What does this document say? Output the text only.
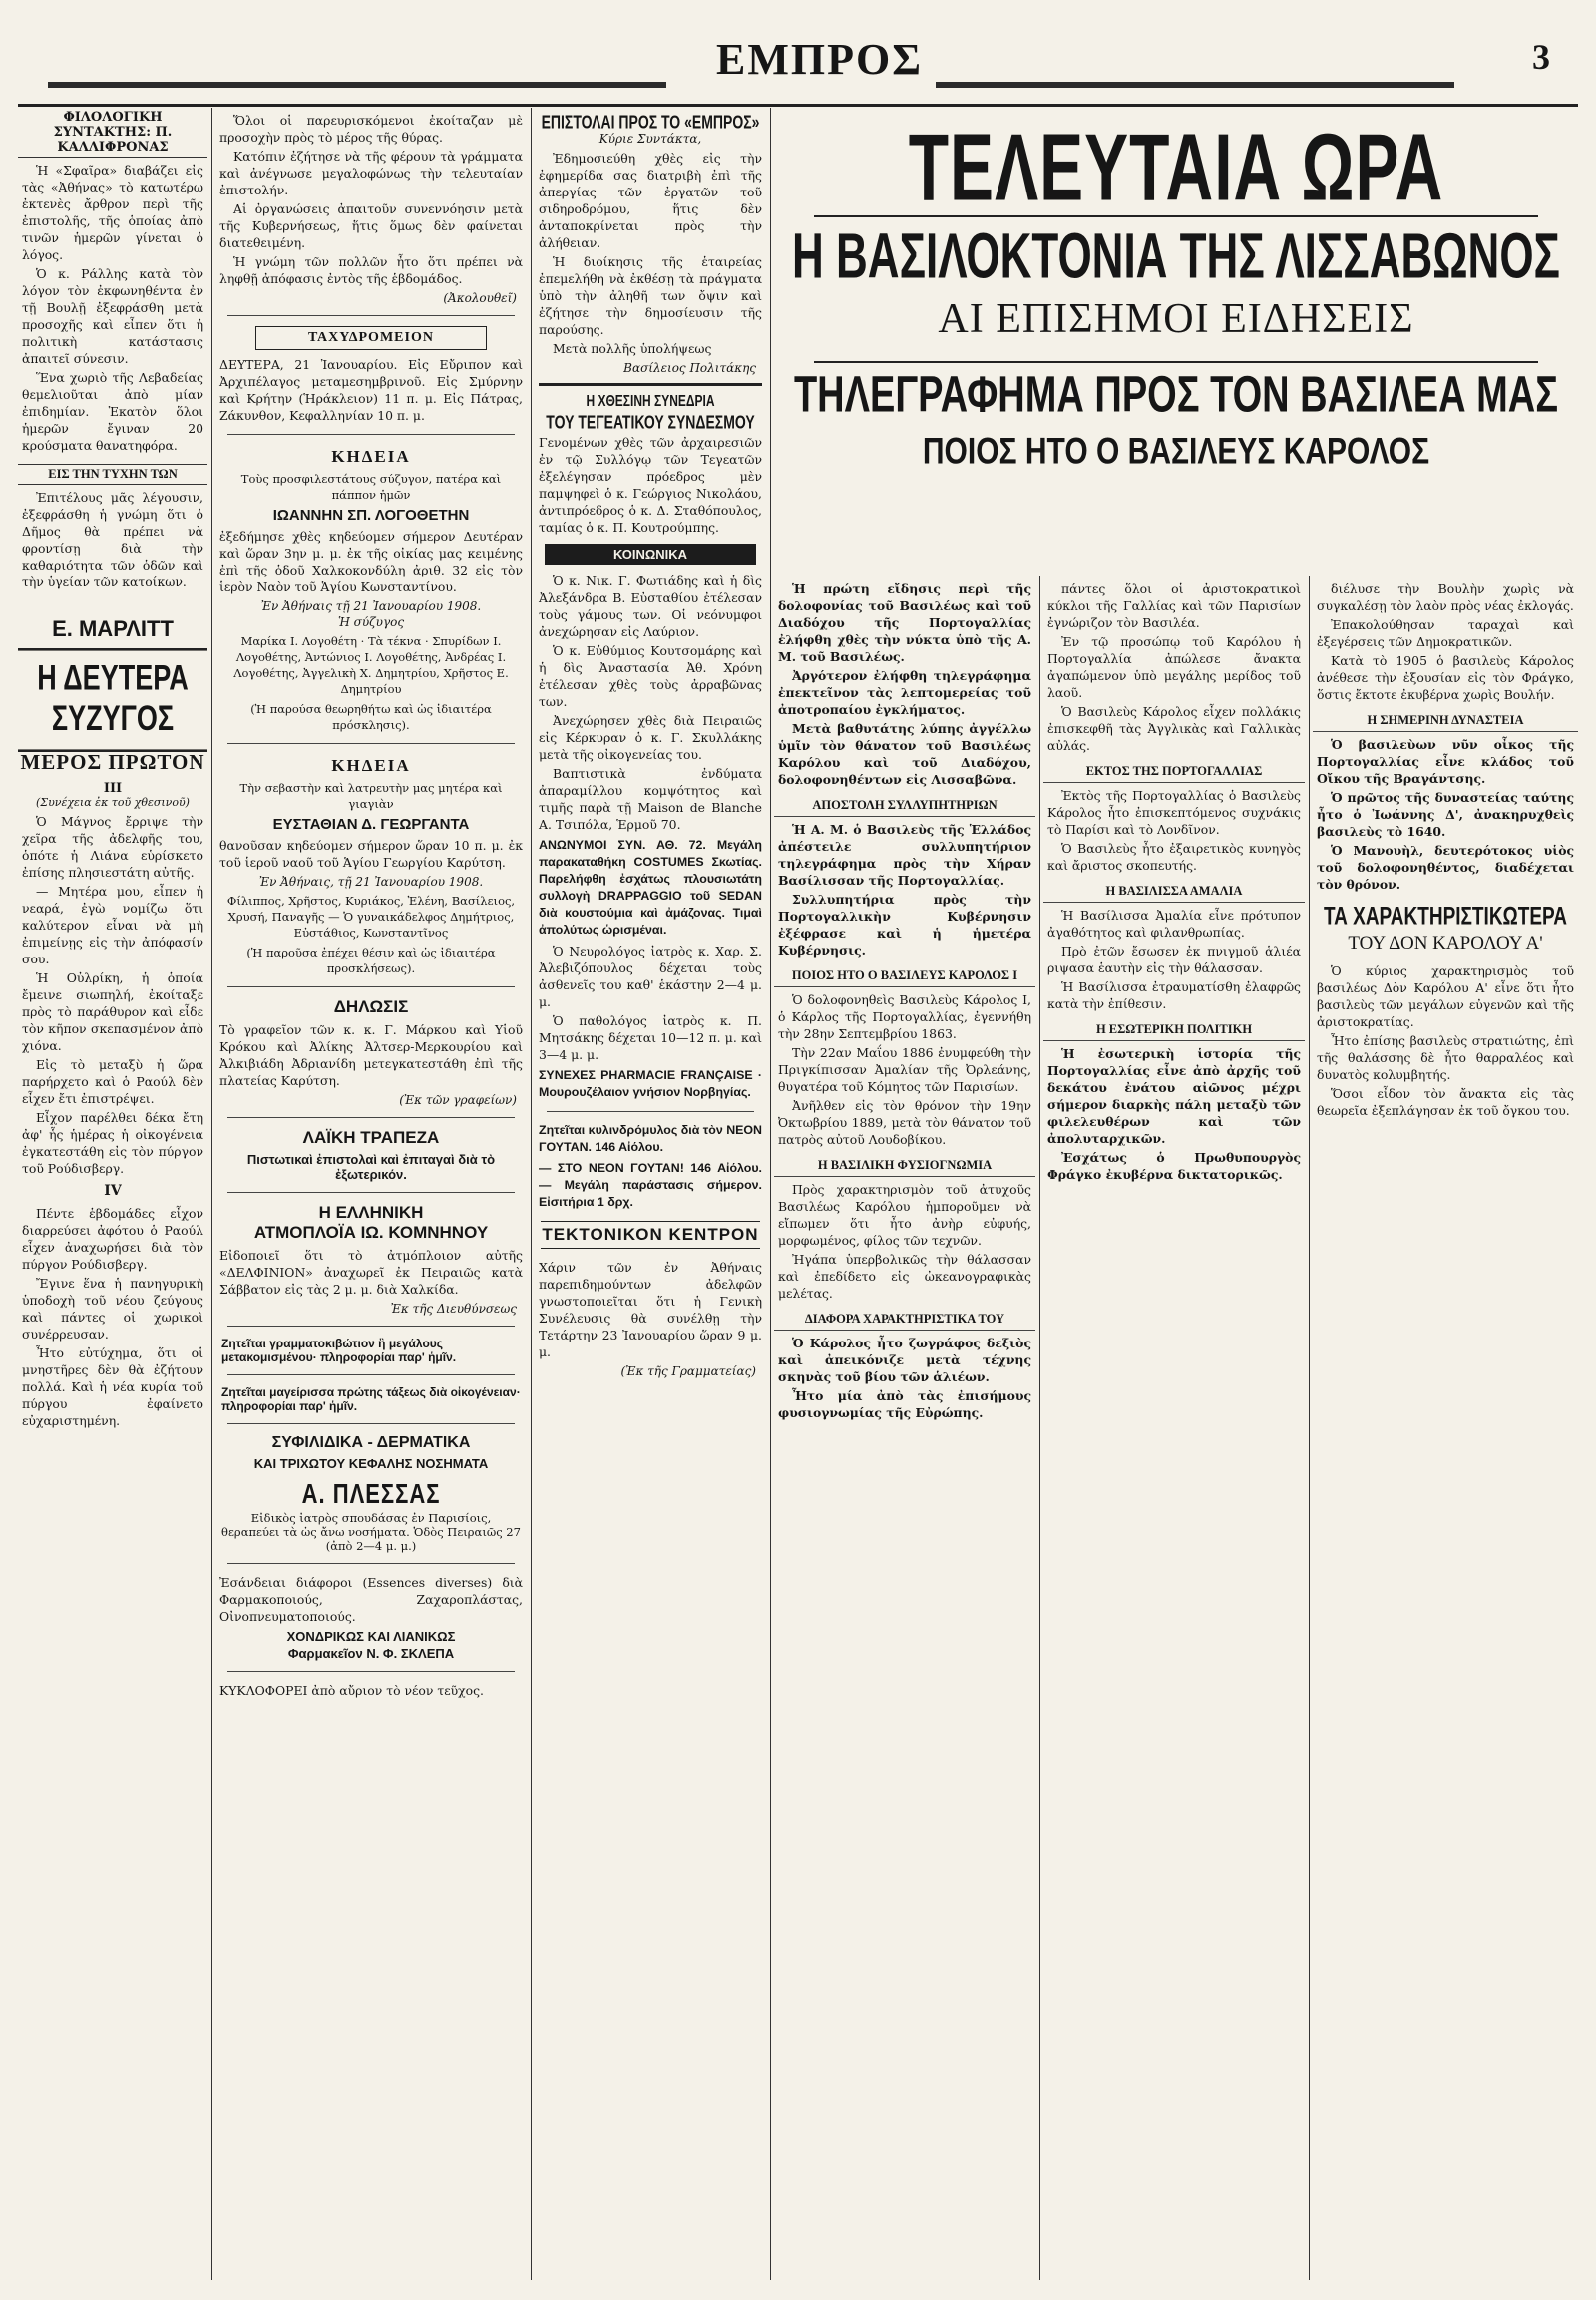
ΕΜΠΡΟΣ	3
ΦΙΛΟΛΟΓΙΚΗ ΣΥΝΤΑΚΤΗΣ: Π. ΚΑΛΛΙΦΡΟΝΑΣ

Ἡ «Σφαῖρα» διαβάζει εἰς τὰς «Ἀθήνας» τὸ κατωτέρω ἐκτενὲς ἄρθρον περὶ τῆς ἐπιστολῆς, τῆς ὁποίας ἀπὸ τινῶν ἡμερῶν γίνεται ὁ λόγος.

Ὁ κ. Ράλλης κατὰ τὸν λόγον τὸν ἐκφωνηθέντα ἐν τῇ Βουλῇ ἐξεφράσθη μετὰ προσοχῆς καὶ εἶπεν ὅτι ἡ πολιτικὴ κατάστασις ἀπαιτεῖ σύνεσιν.

Ἕνα χωριὸ τῆς Λεβαδείας θεμελιοῦται ἀπὸ μίαν ἐπιδημίαν. Ἑκατὸν ὅλοι ἡμερῶν ἔγιναν 20 κρούσματα θανατηφόρα.

ΕΙΣ ΤΗΝ ΤΥΧΗΝ ΤΩΝ

Ἐπιτέλους μᾶς λέγουσιν, ἐξεφράσθη ἡ γνώμη ὅτι ὁ Δῆμος θὰ πρέπει νὰ φροντίσῃ διὰ τὴν καθαριότητα τῶν ὁδῶν καὶ τὴν ὑγείαν τῶν κατοίκων.

Ε. ΜΑΡΛΙΤΤ
Η ΔΕΥΤΕΡΑ ΣΥΖΥΓΟΣ
ΜΕΡΟΣ ΠΡΩΤΟΝ
III
(Συνέχεια ἐκ τοῦ χθεσινοῦ)

Ὁ Μάγνος ἔρριψε τὴν χεῖρα τῆς ἀδελφῆς του, ὁπότε ἡ Λιάνα εὑρίσκετο ἐπίσης πλησιεστάτη αὐτῆς.

— Μητέρα μου, εἶπεν ἡ νεαρά, ἐγὼ νομίζω ὅτι καλύτερον εἶναι νὰ μὴ ἐπιμείνῃς εἰς τὴν ἀπόφασίν σου.

Ἡ Οὐλρίκη, ἡ ὁποία ἔμεινε σιωπηλή, ἐκοίταξε πρὸς τὸ παράθυρον καὶ εἶδε τὸν κῆπον σκεπασμένον ἀπὸ χιόνα.

Εἰς τὸ μεταξὺ ἡ ὥρα παρήρχετο καὶ ὁ Ραούλ δὲν εἶχεν ἔτι ἐπιστρέψει.

Εἶχον παρέλθει δέκα ἔτη ἀφ' ἧς ἡμέρας ἡ οἰκογένεια ἐγκατεστάθη εἰς τὸν πύργον τοῦ Ρούδισβεργ.

IV

Πέντε ἑβδομάδες εἶχον διαρρεύσει ἀφότου ὁ Ραούλ εἶχεν ἀναχωρήσει διὰ τὸν πύργον Ρούδισβεργ.

Ἔγινε ἕνα ἡ πανηγυρικὴ ὑποδοχὴ τοῦ νέου ζεύγους καὶ πάντες οἱ χωρικοὶ συνέρρευσαν.

Ἦτο εὐτύχημα, ὅτι οἱ μνηστῆρες δὲν θὰ ἐζήτουν πολλά. Καὶ ἡ νέα κυρία τοῦ πύργου ἐφαίνετο εὐχαριστημένη.

Ὅλοι οἱ παρευρισκόμενοι ἐκοίταζαν μὲ προσοχὴν πρὸς τὸ μέρος τῆς θύρας.

Κατόπιν ἐζήτησε νὰ τῆς φέρουν τὰ γράμματα καὶ ἀνέγνωσε μεγαλοφώνως τὴν τελευταίαν ἐπιστολήν.

Αἱ ὀργανώσεις ἀπαιτοῦν συνεννόησιν μετὰ τῆς Κυβερνήσεως, ἥτις ὅμως δὲν φαίνεται διατεθειμένη.

Ἡ γνώμη τῶν πολλῶν ἦτο ὅτι πρέπει νὰ ληφθῇ ἀπόφασις ἐντὸς τῆς ἑβδομάδος.

(Ἀκολουθεῖ)
ΤΑΧΥΔΡΟΜΕΙΟΝ
ΔΕΥΤΕΡΑ, 21 Ἰανουαρίου. Εἰς Εὔριπον καὶ Ἀρχιπέλαγος μεταμεσημβρινοῦ. Εἰς Σμύρνην καὶ Κρήτην (Ἡράκλειον) 11 π. μ. Εἰς Πάτρας, Ζάκυνθον, Κεφαλληνίαν 10 π. μ.
ΚΗΔΕΙΑ
Τοὺς προσφιλεστάτους σύζυγον, πατέρα καὶ πάππον ἡμῶν
ΙΩΑΝΝΗΝ ΣΠ. ΛΟΓΟΘΕΤΗΝ
ἐξεδήμησε χθὲς κηδεύομεν σήμερον Δευτέραν καὶ ὥραν 3ην μ. μ. ἐκ τῆς οἰκίας μας κειμένης ἐπὶ τῆς ὁδοῦ Χαλκοκονδύλη ἀριθ. 32 εἰς τὸν ἱερὸν Ναὸν τοῦ Ἁγίου Κωνσταντίνου.
Ἐν Ἀθήναις τῇ 21 Ἰανουαρίου 1908.
Ἡ σύζυγος
Μαρίκα Ι. Λογοθέτη · Τὰ τέκνα · Σπυρίδων Ι. Λογοθέτης, Ἀντώνιος Ι. Λογοθέτης, Ἀνδρέας Ι. Λογοθέτης, Ἀγγελικὴ Χ. Δημητρίου, Χρῆστος Ε. Δημητρίου
(Ἡ παρούσα θεωρηθήτω καὶ ὡς ἰδιαιτέρα πρόσκλησις).
ΚΗΔΕΙΑ
Τὴν σεβαστὴν καὶ λατρευτὴν μας μητέρα καὶ γιαγιὰν
ΕΥΣΤΑΘΙΑΝ Δ. ΓΕΩΡΓΑΝΤΑ
θανοῦσαν κηδεύομεν σήμερον ὥραν 10 π. μ. ἐκ τοῦ ἱεροῦ ναοῦ τοῦ Ἁγίου Γεωργίου Καρύτση.
Ἐν Ἀθήναις, τῇ 21 Ἰανουαρίου 1908.
Φίλιππος, Χρῆστος, Κυριάκος, Ἑλένη, Βασίλειος, Χρυσή, Παναγῆς — Ὁ γυναικάδελφος Δημήτριος, Εὐστάθιος, Κωνσταντῖνος
(Ἡ παροῦσα ἐπέχει θέσιν καὶ ὡς ἰδιαιτέρα προσκλήσεως).
ΔΗΛΩΣΙΣ
Τὸ γραφεῖον τῶν κ. κ. Γ. Μάρκου καὶ Υἱοῦ Κρόκου καὶ Ἀλίκης Ἀλτσερ-Μερκουρίου καὶ Ἀλκιβιάδη Ἀδριανίδη μετεγκατεστάθη ἐπὶ τῆς πλατείας Καρύτση.
(Ἐκ τῶν γραφείων)
ΛΑΪΚΗ ΤΡΑΠΕΖΑ
Πιστωτικαὶ ἐπιστολαὶ καὶ ἐπιταγαὶ διὰ τὸ ἐξωτερικόν.
Η ΕΛΛΗΝΙΚΗ
ΑΤΜΟΠΛΟΪΑ ΙΩ. ΚΟΜΝΗΝΟΥ
Εἰδοποιεῖ ὅτι τὸ ἀτμόπλοιον αὐτῆς «ΔΕΛΦΙΝΙΟΝ» ἀναχωρεῖ ἐκ Πειραιῶς κατὰ Σάββατον εἰς τὰς 2 μ. μ. διὰ Χαλκίδα.
Ἐκ τῆς Διευθύνσεως
Ζητεῖται γραμματοκιβώτιον ἢ μεγάλους μετακομισμένου· πληροφορίαι παρ' ἡμῖν.
Ζητεῖται μαγείρισσα πρώτης τάξεως διὰ οἰκογένειαν· πληροφορίαι παρ' ἡμῖν.
ΣΥΦΙΛΙΔΙΚΑ - ΔΕΡΜΑΤΙΚΑ
ΚΑΙ ΤΡΙΧΩΤΟΥ ΚΕΦΑΛΗΣ ΝΟΣΗΜΑΤΑ
Α. ΠΛΕΣΣΑΣ
Εἰδικὸς ἰατρὸς σπουδάσας ἐν Παρισίοις, θεραπεύει τὰ ὡς ἄνω νοσήματα. Ὁδὸς Πειραιῶς 27 (ἀπὸ 2—4 μ. μ.)
Ἐσάνδειαι διάφοροι (Essences diverses) διὰ Φαρμακοποιούς, Ζαχαροπλάστας, Οἰνοπνευματοποιούς.
ΧΟΝΔΡΙΚΩΣ ΚΑΙ ΛΙΑΝΙΚΩΣ
Φαρμακεῖον Ν. Φ. ΣΚΛΕΠΑ
ΚΥΚΛΟΦΟΡΕΙ ἀπὸ αὔριον τὸ νέον τεῦχος.
ΕΠΙΣΤΟΛΑΙ ΠΡΟΣ ΤΟ «ΕΜΠΡΟΣ»
Κύριε Συντάκτα,

Ἐδημοσιεύθη χθὲς εἰς τὴν ἐφημερίδα σας διατριβὴ ἐπὶ τῆς ἀπεργίας τῶν ἐργατῶν τοῦ σιδηροδρόμου, ἥτις δὲν ἀνταποκρίνεται πρὸς τὴν ἀλήθειαν.

Ἡ διοίκησις τῆς ἑταιρείας ἐπεμελήθη νὰ ἐκθέσῃ τὰ πράγματα ὑπὸ τὴν ἀληθῆ των ὄψιν καὶ ἐζήτησε τὴν δημοσίευσιν τῆς παρούσης.

Μετὰ πολλῆς ὑπολήψεως

Βασίλειος Πολιτάκης
Η ΧΘΕΣΙΝΗ ΣΥΝΕΔΡΙΑ
ΤΟΥ ΤΕΓΕΑΤΙΚΟΥ ΣΥΝΔΕΣΜΟΥ
Γενομένων χθὲς τῶν ἀρχαιρεσιῶν ἐν τῷ Συλλόγῳ τῶν Τεγεατῶν ἐξελέγησαν πρόεδρος μὲν παμψηφεὶ ὁ κ. Γεώργιος Νικολάου, ἀντιπρόεδρος ὁ κ. Δ. Σταθόπουλος, ταμίας ὁ κ. Π. Κουτρούμπης.
ΚΟΙΝΩΝΙΚΑ

Ὁ κ. Νικ. Γ. Φωτιάδης καὶ ἡ δὶς Ἀλεξάνδρα Β. Εὐσταθίου ἐτέλεσαν τοὺς γάμους των. Οἱ νεόνυμφοι ἀνεχώρησαν εἰς Λαύριον.

Ὁ κ. Εὐθύμιος Κουτσομάρης καὶ ἡ δὶς Ἀναστασία Ἀθ. Χρόνη ἐτέλεσαν χθὲς τοὺς ἀρραβῶνας των.

Ἀνεχώρησεν χθὲς διὰ Πειραιῶς εἰς Κέρκυραν ὁ κ. Γ. Σκυλλάκης μετὰ τῆς οἰκογενείας του.

Βαπτιστικὰ ἐνδύματα ἀπαραμίλλου κομψότητος καὶ τιμῆς παρὰ τῇ Maison de Blanche Α. Τσιπόλα, Ἑρμοῦ 70.

ΑΝΩΝΥΜΟΙ ΣΥΝ. ΑΘ. 72. Μεγάλη παρακαταθήκη COSTUMES Σκωτίας. Παρελήφθη ἐσχάτως πλουσιωτάτη συλλογὴ DRAPPAGGIO τοῦ SEDAN διὰ κουστούμια καὶ ἀμάζονας. Τιμαὶ ἀπολύτως ὡρισμέναι.

Ὁ Νευρολόγος ἰατρὸς κ. Χαρ. Σ. Ἀλεβιζόπουλος δέχεται τοὺς ἀσθενεῖς του καθ' ἑκάστην 2—4 μ. μ.

Ὁ παθολόγος ἰατρὸς κ. Π. Μητσάκης δέχεται 10—12 π. μ. καὶ 3—4 μ. μ.

ΣΥΝΕΧΕΣ PHARMACIE FRANÇAISE · Μουρουζέλαιον γνήσιον Νορβηγίας.
Ζητεῖται κυλινδρόμυλος διὰ τὸν ΝΕΟΝ ΓΟΥΤΑΝ. 146 Αἰόλου.
— ΣΤΟ ΝΕΟΝ ΓΟΥΤΑΝ! 146 Αἰόλου. — Μεγάλη παράστασις σήμερον. Εἰσιτήρια 1 δρχ.
ΤΕΚΤΟΝΙΚΟΝ ΚΕΝΤΡΟΝ
Χάριν τῶν ἐν Ἀθήναις παρεπιδημούντων ἀδελφῶν γνωστοποιεῖται ὅτι ἡ Γενικὴ Συνέλευσις θὰ συνέλθῃ τὴν Τετάρτην 23 Ἰανουαρίου ὥραν 9 μ. μ.
(Ἐκ τῆς Γραμματείας)
ΤΕΛΕΥΤΑΙΑ ΩΡΑ
Η ΒΑΣΙΛΟΚΤΟΝΙΑ ΤΗΣ ΛΙΣΣΑΒΩΝΟΣ
ΑΙ ΕΠΙΣΗΜΟΙ ΕΙΔΗΣΕΙΣ
ΤΗΛΕΓΡΑΦΗΜΑ ΠΡΟΣ ΤΟΝ ΒΑΣΙΛΕΑ ΜΑΣ
ΠΟΙΟΣ ΗΤΟ Ο ΒΑΣΙΛΕΥΣ ΚΑΡΟΛΟΣ

Ἡ πρώτη εἴδησις περὶ τῆς δολοφονίας τοῦ Βασιλέως καὶ τοῦ Διαδόχου τῆς Πορτογαλλίας ἐλήφθη χθὲς τὴν νύκτα ὑπὸ τῆς Α. Μ. τοῦ Βασιλέως.

Ἀργότερον ἐλήφθη τηλεγράφημα ἐπεκτεῖνον τὰς λεπτομερείας τοῦ ἀποτροπαίου ἐγκλήματος.

Μετὰ βαθυτάτης λύπης ἀγγέλλω ὑμῖν τὸν θάνατον τοῦ Βασιλέως Καρόλου καὶ τοῦ Διαδόχου, δολοφονηθέντων εἰς Λισσαβῶνα.

ΑΠΟΣΤΟΛΗ ΣΥΛΛΥΠΗΤΗΡΙΩΝ

Ἡ Α. Μ. ὁ Βασιλεὺς τῆς Ἑλλάδος ἀπέστειλε συλλυπητήριον τηλεγράφημα πρὸς τὴν Χήραν Βασίλισσαν τῆς Πορτογαλλίας.

Συλλυπητήρια πρὸς τὴν Πορτογαλλικὴν Κυβέρνησιν ἐξέφρασε καὶ ἡ ἡμετέρα Κυβέρνησις.

ΠΟΙΟΣ ΗΤΟ Ο ΒΑΣΙΛΕΥΣ ΚΑΡΟΛΟΣ Ι

Ὁ δολοφονηθεὶς Βασιλεὺς Κάρολος Ι, ὁ Κάρλος τῆς Πορτογαλλίας, ἐγεννήθη τὴν 28ην Σεπτεμβρίου 1863.

Τὴν 22αν Μαΐου 1886 ἐνυμφεύθη τὴν Πριγκίπισσαν Ἀμαλίαν τῆς Ὀρλεάνης, θυγατέρα τοῦ Κόμητος τῶν Παρισίων.

Ἀνῆλθεν εἰς τὸν θρόνον τὴν 19ην Ὀκτωβρίου 1889, μετὰ τὸν θάνατον τοῦ πατρὸς αὐτοῦ Λουδοβίκου.

Η ΒΑΣΙΛΙΚΗ ΦΥΣΙΟΓΝΩΜΙΑ

Πρὸς χαρακτηρισμὸν τοῦ ἀτυχοῦς Βασιλέως Καρόλου ἡμποροῦμεν νὰ εἴπωμεν ὅτι ἦτο ἀνὴρ εὐφυής, μορφωμένος, φίλος τῶν τεχνῶν.

Ἠγάπα ὑπερβολικῶς τὴν θάλασσαν καὶ ἐπεδίδετο εἰς ὠκεανογραφικὰς μελέτας.

ΔΙΑΦΟΡΑ ΧΑΡΑΚΤΗΡΙΣΤΙΚΑ ΤΟΥ

Ὁ Κάρολος ἦτο ζωγράφος δεξιὸς καὶ ἀπεικόνιζε μετὰ τέχνης σκηνὰς τοῦ βίου τῶν ἁλιέων.

Ἦτο μία ἀπὸ τὰς ἐπισήμους φυσιογνωμίας τῆς Εὐρώπης.

πάντες ὅλοι οἱ ἀριστοκρατικοὶ κύκλοι τῆς Γαλλίας καὶ τῶν Παρισίων ἐγνώριζον τὸν Βασιλέα.

Ἐν τῷ προσώπῳ τοῦ Καρόλου ἡ Πορτογαλλία ἀπώλεσε ἄνακτα ἀγαπώμενον ὑπὸ μεγάλης μερίδος τοῦ λαοῦ.

Ὁ Βασιλεὺς Κάρολος εἶχεν πολλάκις ἐπισκεφθῆ τὰς Ἀγγλικὰς καὶ Γαλλικὰς αὐλάς.

ΕΚΤΟΣ ΤΗΣ ΠΟΡΤΟΓΑΛΛΙΑΣ

Ἐκτὸς τῆς Πορτογαλλίας ὁ Βασιλεὺς Κάρολος ἦτο ἐπισκεπτόμενος συχνάκις τὸ Παρίσι καὶ τὸ Λονδῖνον.

Ὁ Βασιλεὺς ἦτο ἐξαιρετικὸς κυνηγὸς καὶ ἄριστος σκοπευτής.

Η ΒΑΣΙΛΙΣΣΑ ΑΜΑΛΙΑ

Ἡ Βασίλισσα Ἀμαλία εἶνε πρότυπον ἀγαθότητος καὶ φιλανθρωπίας.

Πρὸ ἐτῶν ἔσωσεν ἐκ πνιγμοῦ ἁλιέα ριψασα ἑαυτὴν εἰς τὴν θάλασσαν.

Ἡ Βασίλισσα ἐτραυματίσθη ἐλαφρῶς κατὰ τὴν ἐπίθεσιν.

Η ΕΣΩΤΕΡΙΚΗ ΠΟΛΙΤΙΚΗ

Ἡ ἐσωτερικὴ ἱστορία τῆς Πορτογαλλίας εἶνε ἀπὸ ἀρχῆς τοῦ δεκάτου ἐνάτου αἰῶνος μέχρι σήμερον διαρκὴς πάλη μεταξὺ τῶν φιλελευθέρων καὶ τῶν ἀπολυταρχικῶν.

Ἐσχάτως ὁ Πρωθυπουργὸς Φράγκο ἐκυβέρνα δικτατορικῶς.

διέλυσε τὴν Βουλὴν χωρὶς νὰ συγκαλέσῃ τὸν λαὸν πρὸς νέας ἐκλογάς.

Ἐπακολούθησαν ταραχαὶ καὶ ἐξεγέρσεις τῶν Δημοκρατικῶν.

Κατὰ τὸ 1905 ὁ βασιλεὺς Κάρολος ἀνέθεσε τὴν ἐξουσίαν εἰς τὸν Φράγκο, ὅστις ἔκτοτε ἐκυβέρνα χωρὶς Βουλήν.

Η ΣΗΜΕΡΙΝΗ ΔΥΝΑΣΤΕΙΑ

Ὁ βασιλεὺων νῦν οἶκος τῆς Πορτογαλλίας εἶνε κλάδος τοῦ Οἴκου τῆς Βραγάντσης.

Ὁ πρῶτος τῆς δυναστείας ταύτης ἦτο ὁ Ἰωάννης Δ', ἀνακηρυχθεὶς βασιλεὺς τὸ 1640.

Ὁ Μανουὴλ, δευτερότοκος υἱὸς τοῦ δολοφονηθέντος, διαδέχεται τὸν θρόνον.

ΤΑ ΧΑΡΑΚΤΗΡΙΣΤΙΚΩΤΕΡΑ
ΤΟΥ ΔΟΝ ΚΑΡΟΛΟΥ Α'

Ὁ κύριος χαρακτηρισμὸς τοῦ βασιλέως Δὸν Καρόλου Α' εἶνε ὅτι ἦτο βασιλεὺς τῶν μεγάλων εὐγενῶν καὶ τῆς ἀριστοκρατίας.

Ἦτο ἐπίσης βασιλεὺς στρατιώτης, ἐπὶ τῆς θαλάσσης δὲ ἦτο θαρραλέος καὶ δυνατὸς κολυμβητής.

Ὅσοι εἶδον τὸν ἄνακτα εἰς τὰς θεωρεῖα ἐξεπλάγησαν ἐκ τοῦ ὄγκου του.
